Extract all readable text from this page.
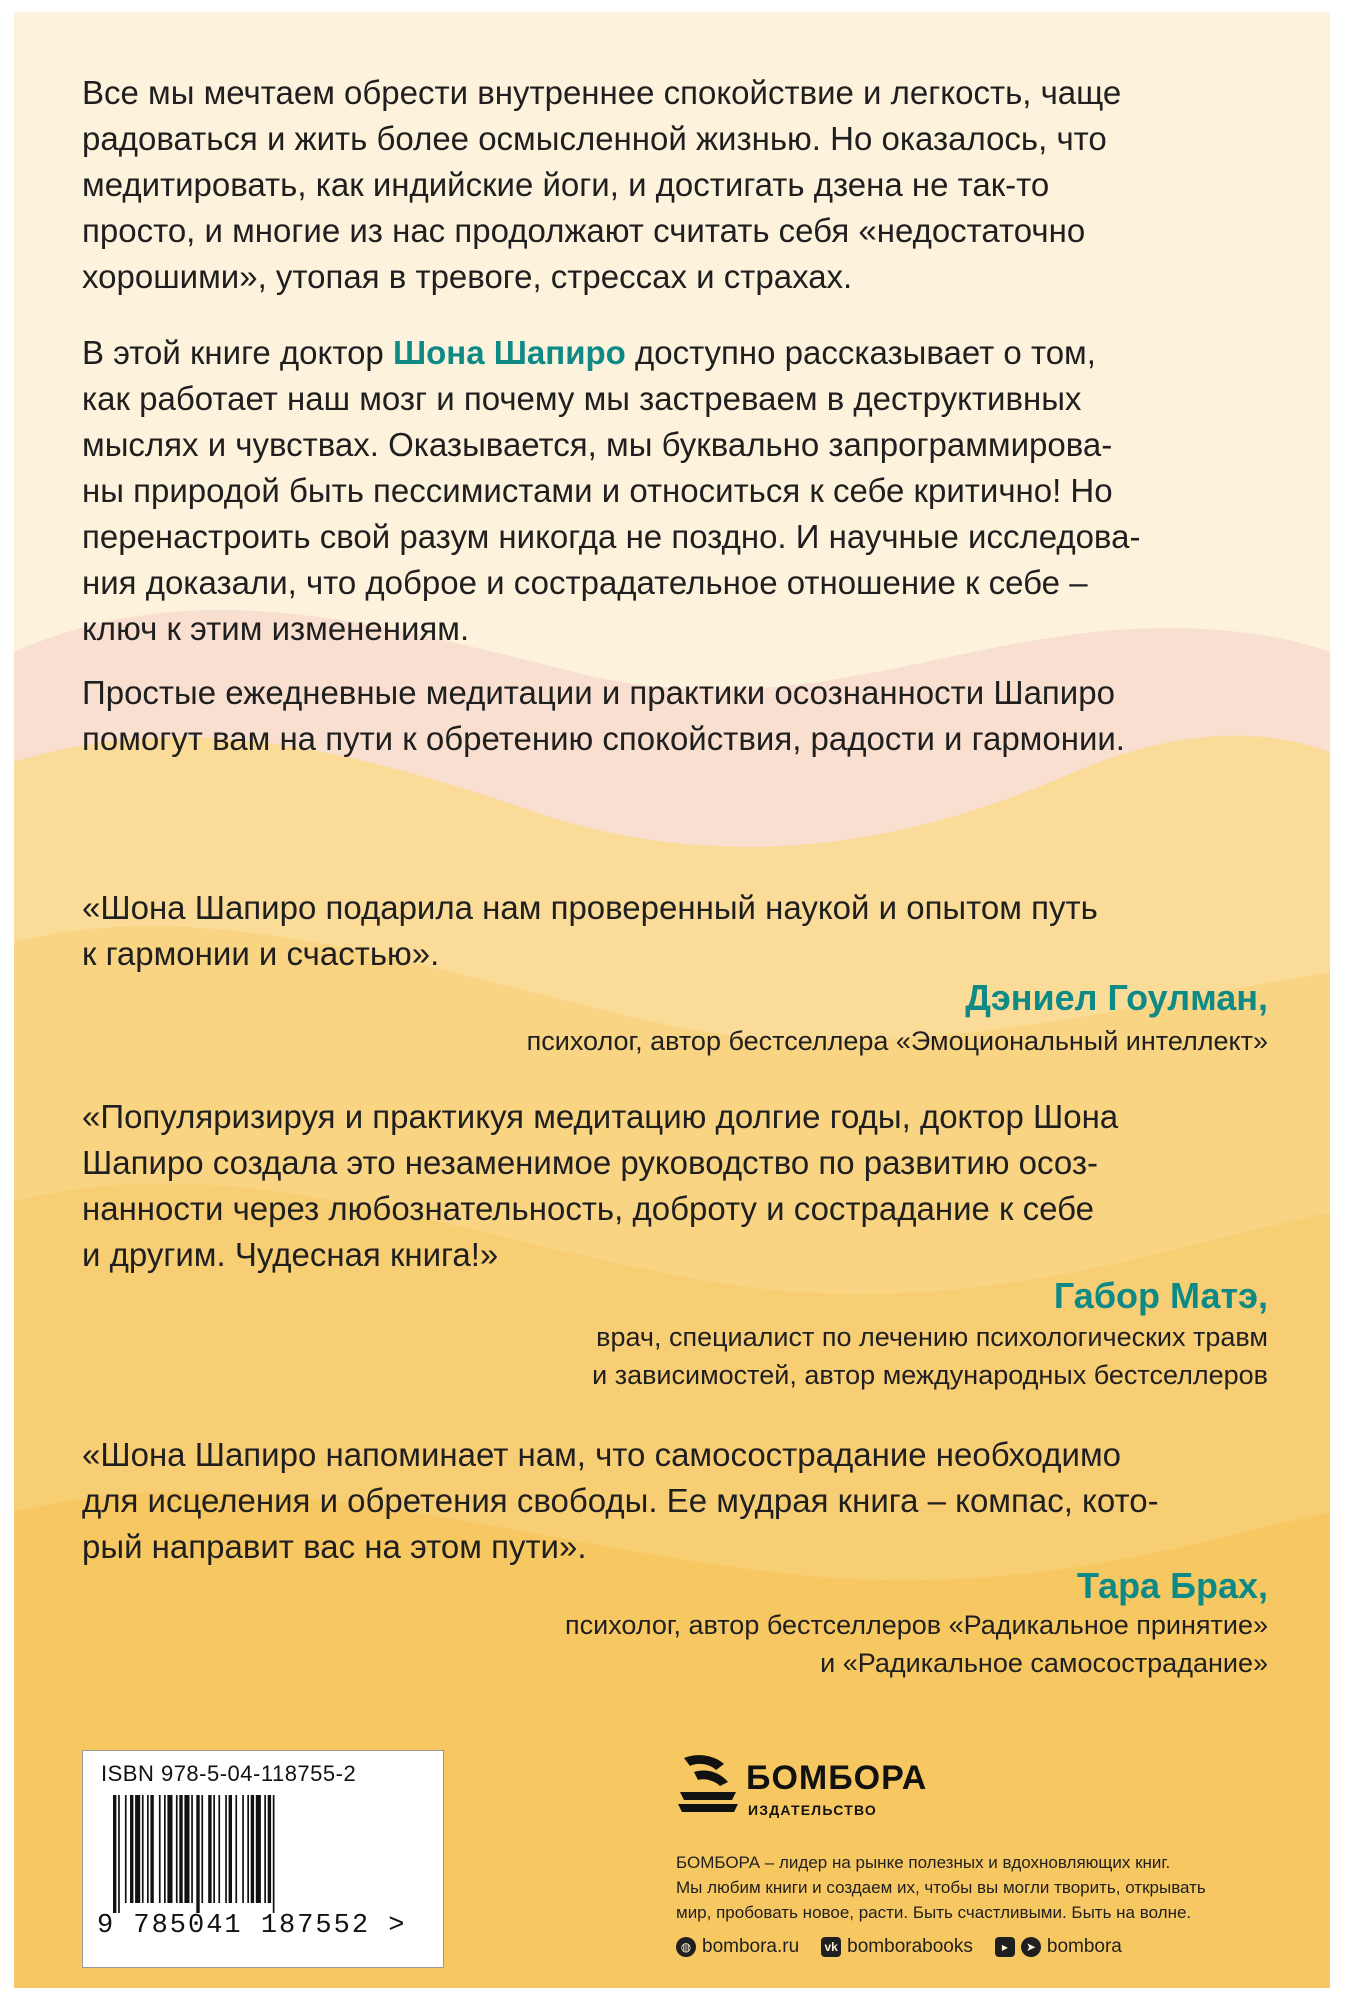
Все мы мечтаем обрести внутреннее спокойствие и легкость, чаще
радоваться и жить более осмысленной жизнью. Но оказалось, что
медитировать, как индийские йоги, и достигать дзена не так-то
просто, и многие из нас продолжают считать себя «недостаточно
хорошими», утопая в тревоге, стрессах и страхах.
В этой книге доктор Шона Шапиро доступно рассказывает о том,
как работает наш мозг и почему мы застреваем в деструктивных
мыслях и чувствах. Оказывается, мы буквально запрограммирова-
ны природой быть пессимистами и относиться к себе критично! Но
перенастроить свой разум никогда не поздно. И научные исследова-
ния доказали, что доброе и сострадательное отношение к себе –
ключ к этим изменениям.
Простые ежедневные медитации и практики осознанности Шапиро
помогут вам на пути к обретению спокойствия, радости и гармонии.
«Шона Шапиро подарила нам проверенный наукой и опытом путь
к гармонии и счастью».
Дэниел Гоулман,
психолог, автор бестселлера «Эмоциональный интеллект»
«Популяризируя и практикуя медитацию долгие годы, доктор Шона
Шапиро создала это незаменимое руководство по развитию осоз-
нанности через любознательность, доброту и сострадание к себе
и другим. Чудесная книга!»
Габор Матэ,
врач, специалист по лечению психологических травм
и зависимостей, автор международных бестселлеров
«Шона Шапиро напоминает нам, что самосострадание необходимо
для исцеления и обретения свободы. Ее мудрая книга – компас, кото-
рый направит вас на этом пути».
Тара Брах,
психолог, автор бестселлеров «Радикальное принятие»
и «Радикальное самосострадание»
ISBN 978-5-04-118755-2
9 785041 187552 >
БОМБОРА
ИЗДАТЕЛЬСТВО
БОМБОРА – лидер на рынке полезных и вдохновляющих книг.
Мы любим книги и создаем их, чтобы вы могли творить, открывать
мир, пробовать новое, расти. Быть счастливыми. Быть на волне.
◍ bombora.ru vk bomborabooks	▸	➤ bombora
